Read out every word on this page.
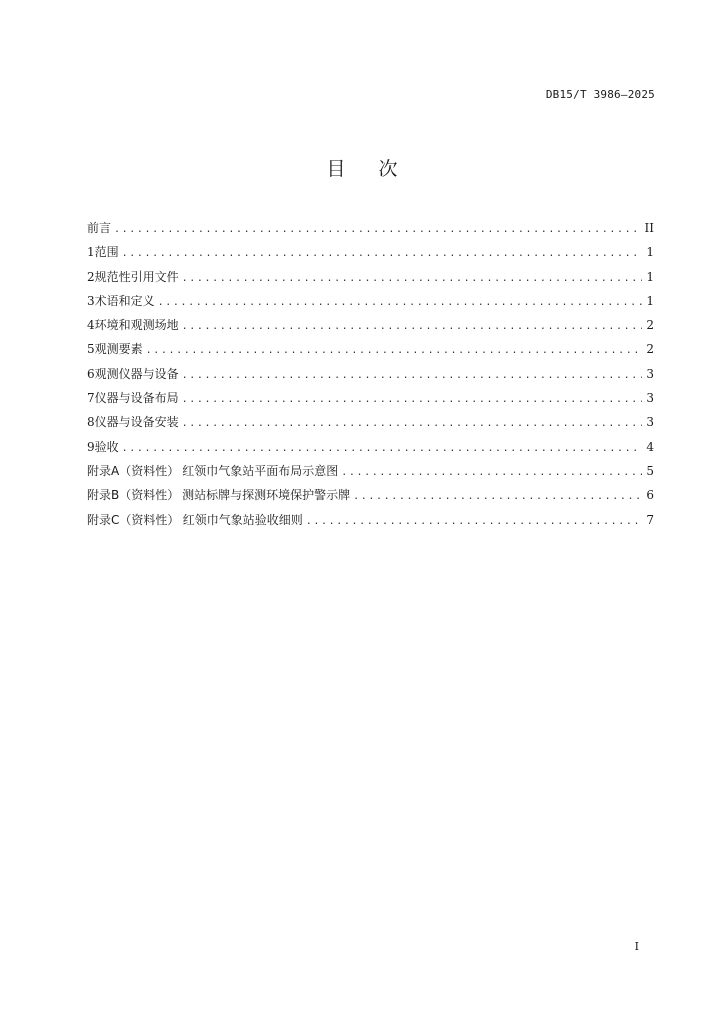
DB15/T 3986—2025
目次
前言 .....	II
1 范围 .....	1
2 规范性引用文件 .....	1
3 术语和定义 .....	1
4 环境和观测场地 .....	2
5 观测要素 .....	2
6 观测仪器与设备 .....	3
7 仪器与设备布局 .....	3
8 仪器与设备安装 .....	3
9 验收 .....	4
附录A（资料性） 红领巾气象站平面布局示意图 .....	5
附录B（资料性） 测站标牌与探测环境保护警示牌 .....	6
附录C（资料性） 红领巾气象站验收细则 .....	7
I
